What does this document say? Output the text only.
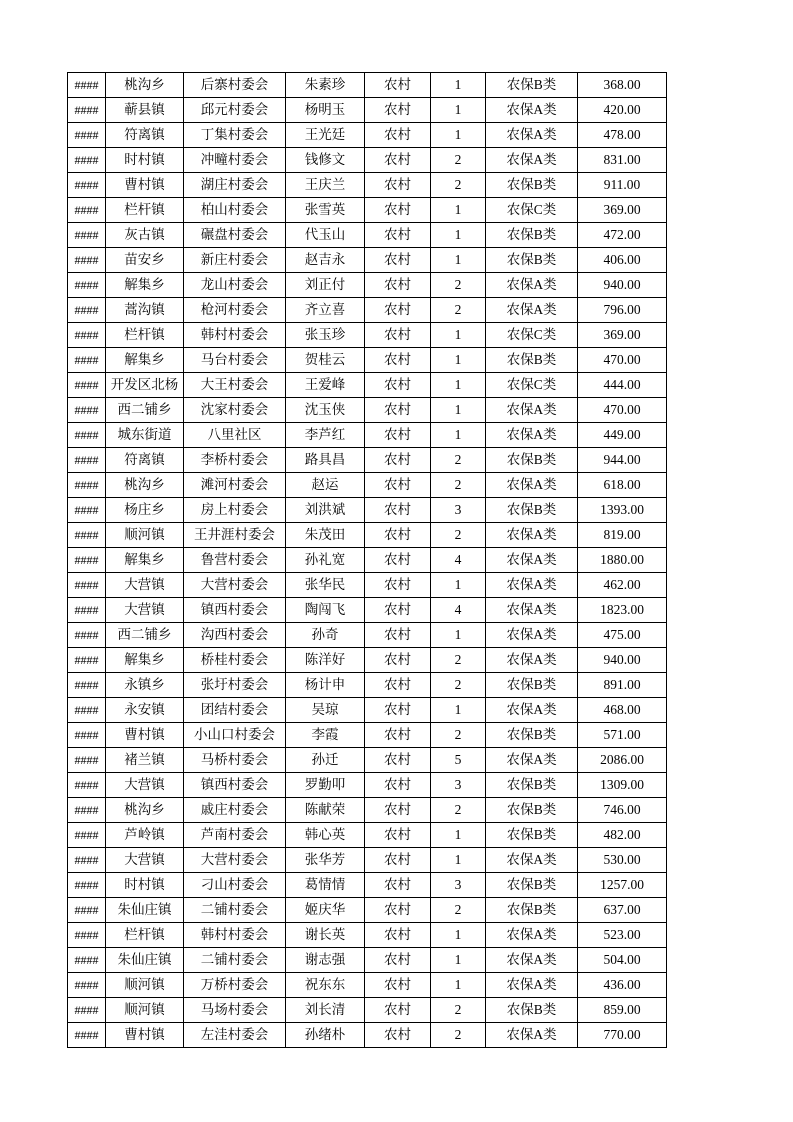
####	桃沟乡	后寨村委会	朱素珍	农村	1	农保B类	368.00
####	蕲县镇	邱元村委会	杨明玉	农村	1	农保A类	420.00
####	符离镇	丁集村委会	王光廷	农村	1	农保A类	478.00
####	时村镇	冲疃村委会	钱修文	农村	2	农保A类	831.00
####	曹村镇	湖庄村委会	王庆兰	农村	2	农保B类	911.00
####	栏杆镇	柏山村委会	张雪英	农村	1	农保C类	369.00
####	灰古镇	碾盘村委会	代玉山	农村	1	农保B类	472.00
####	苗安乡	新庄村委会	赵吉永	农村	1	农保B类	406.00
####	解集乡	龙山村委会	刘正付	农村	2	农保A类	940.00
####	蒿沟镇	枪河村委会	齐立喜	农村	2	农保A类	796.00
####	栏杆镇	韩村村委会	张玉珍	农村	1	农保C类	369.00
####	解集乡	马台村委会	贺桂云	农村	1	农保B类	470.00
####	开发区北杨	大王村委会	王爱峰	农村	1	农保C类	444.00
####	西二铺乡	沈家村委会	沈玉侠	农村	1	农保A类	470.00
####	城东街道	八里社区	李芦红	农村	1	农保A类	449.00
####	符离镇	李桥村委会	路具昌	农村	2	农保B类	944.00
####	桃沟乡	滩河村委会	赵运	农村	2	农保A类	618.00
####	杨庄乡	房上村委会	刘洪斌	农村	3	农保B类	1393.00
####	顺河镇	王井涯村委会	朱茂田	农村	2	农保A类	819.00
####	解集乡	鲁营村委会	孙礼宽	农村	4	农保A类	1880.00
####	大营镇	大营村委会	张华民	农村	1	农保A类	462.00
####	大营镇	镇西村委会	陶闯飞	农村	4	农保A类	1823.00
####	西二铺乡	沟西村委会	孙奇	农村	1	农保A类	475.00
####	解集乡	桥桂村委会	陈洋好	农村	2	农保A类	940.00
####	永镇乡	张圩村委会	杨计申	农村	2	农保B类	891.00
####	永安镇	团结村委会	吴琼	农村	1	农保A类	468.00
####	曹村镇	小山口村委会	李霞	农村	2	农保B类	571.00
####	褚兰镇	马桥村委会	孙迁	农村	5	农保A类	2086.00
####	大营镇	镇西村委会	罗勤叩	农村	3	农保B类	1309.00
####	桃沟乡	戚庄村委会	陈献荣	农村	2	农保B类	746.00
####	芦岭镇	芦南村委会	韩心英	农村	1	农保B类	482.00
####	大营镇	大营村委会	张华芳	农村	1	农保A类	530.00
####	时村镇	刁山村委会	葛情情	农村	3	农保B类	1257.00
####	朱仙庄镇	二铺村委会	姬庆华	农村	2	农保B类	637.00
####	栏杆镇	韩村村委会	谢长英	农村	1	农保A类	523.00
####	朱仙庄镇	二铺村委会	谢志强	农村	1	农保A类	504.00
####	顺河镇	万桥村委会	祝东东	农村	1	农保A类	436.00
####	顺河镇	马场村委会	刘长清	农村	2	农保B类	859.00
####	曹村镇	左洼村委会	孙绪朴	农村	2	农保A类	770.00
